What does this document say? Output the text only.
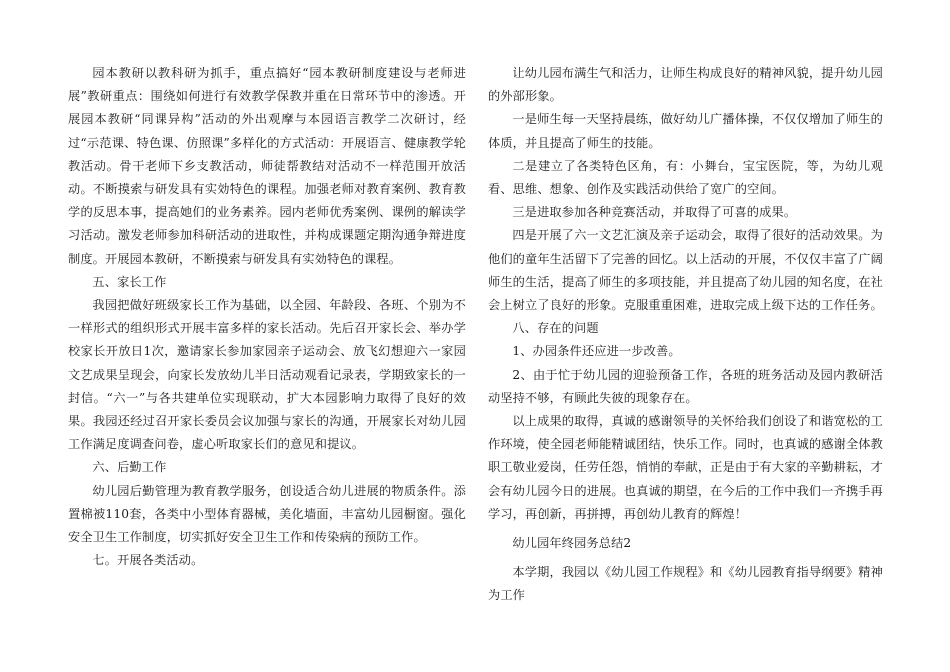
园本教研以教科研为抓手，重点搞好“园本教研制度建设与老师进展”教研重点：围绕如何进行有效教学保教并重在日常环节中的渗透。开展园本教研“同课异构”活动的外出观摩与本园语言教学二次研讨，经过“示范课、特色课、仿照课”多样化的方式活动：开展语言、健康教学轮教活动。骨干老师下乡支教活动，师徒帮教结对活动不一样范围开放活动。不断摸索与研发具有实効特色的课程。加强老师对教育案例、教育教学的反思本事，提高她们的业务素养。园内老师优秀案例、课例的解读学习活动。激发老师参加科研活动的进取性，并构成课题定期沟通争辩进度制度。开展园本教研，不断摸索与研发具有实効特色的课程。

五、家长工作

我园把做好班级家长工作为基础，以全园、年龄段、各班、个别为不一样形式的组织形式开展丰富多样的家长活动。先后召开家长会、举办学校家长开放日1次，邀请家长参加家园亲子运动会、放飞幻想迎六一家园文艺成果呈现会，向家长发放幼儿半日活动观看记录表，学期致家长的一封信。“六一”与各共建单位实现联动，扩大本园影响力取得了良好的效果。我园还经过召开家长委员会议加强与家长的沟通，开展家长对幼儿园工作满足度调查问卷，虚心听取家长们的意见和提议。

六、后勤工作

幼儿园后勤管理为教育教学服务，创设适合幼儿进展的物质条件。添置棉被110套，各类中小型体育器械，美化墙面，丰富幼儿园橱窗。强化安全卫生工作制度，切实抓好安全卫生工作和传染病的预防工作。

七。开展各类活动。

让幼儿园布满生气和活力，让师生构成良好的精神风貌，提升幼儿园的外部形象。

一是师生每一天坚持晨练，做好幼儿广播体操，不仅仅增加了师生的体质，并且提高了师生的技能。

二是建立了各类特色区角，有：小舞台，宝宝医院，等，为幼儿观看、思维、想象、创作及实践活动供给了宽广的空间。

三是进取参加各种竞赛活动，并取得了可喜的成果。

四是开展了六一文艺汇演及亲子运动会，取得了很好的活动效果。为他们的童年生活留下了完善的回忆。以上活动的开展，不仅仅丰富了广阔师生的生活，提高了师生的多项技能，并且提高了幼儿园的知名度，在社会上树立了良好的形象。克服重重困难，进取完成上级下达的工作任务。

八、存在的问题

1、办园条件还应进一步改善。

2、由于忙于幼儿园的迎验预备工作，各班的班务活动及园内教研活动坚持不够，有顾此失彼的现象存在。

以上成果的取得，真诚的感谢领导的关怀给我们创设了和谐宽松的工作环境，使全园老师能精诚团结，快乐工作。同时，也真诚的感谢全体教职工敬业爱岗，任劳任怨，悄悄的奉献，正是由于有大家的辛勤耕耘，才会有幼儿园今日的进展。也真诚的期望，在今后的工作中我们一齐携手再学习，再创新，再拼搏，再创幼儿教育的辉煌！

幼儿园年终园务总结2

本学期，我园以《幼儿园工作规程》和《幼儿园教育指导纲要》精神为工作
